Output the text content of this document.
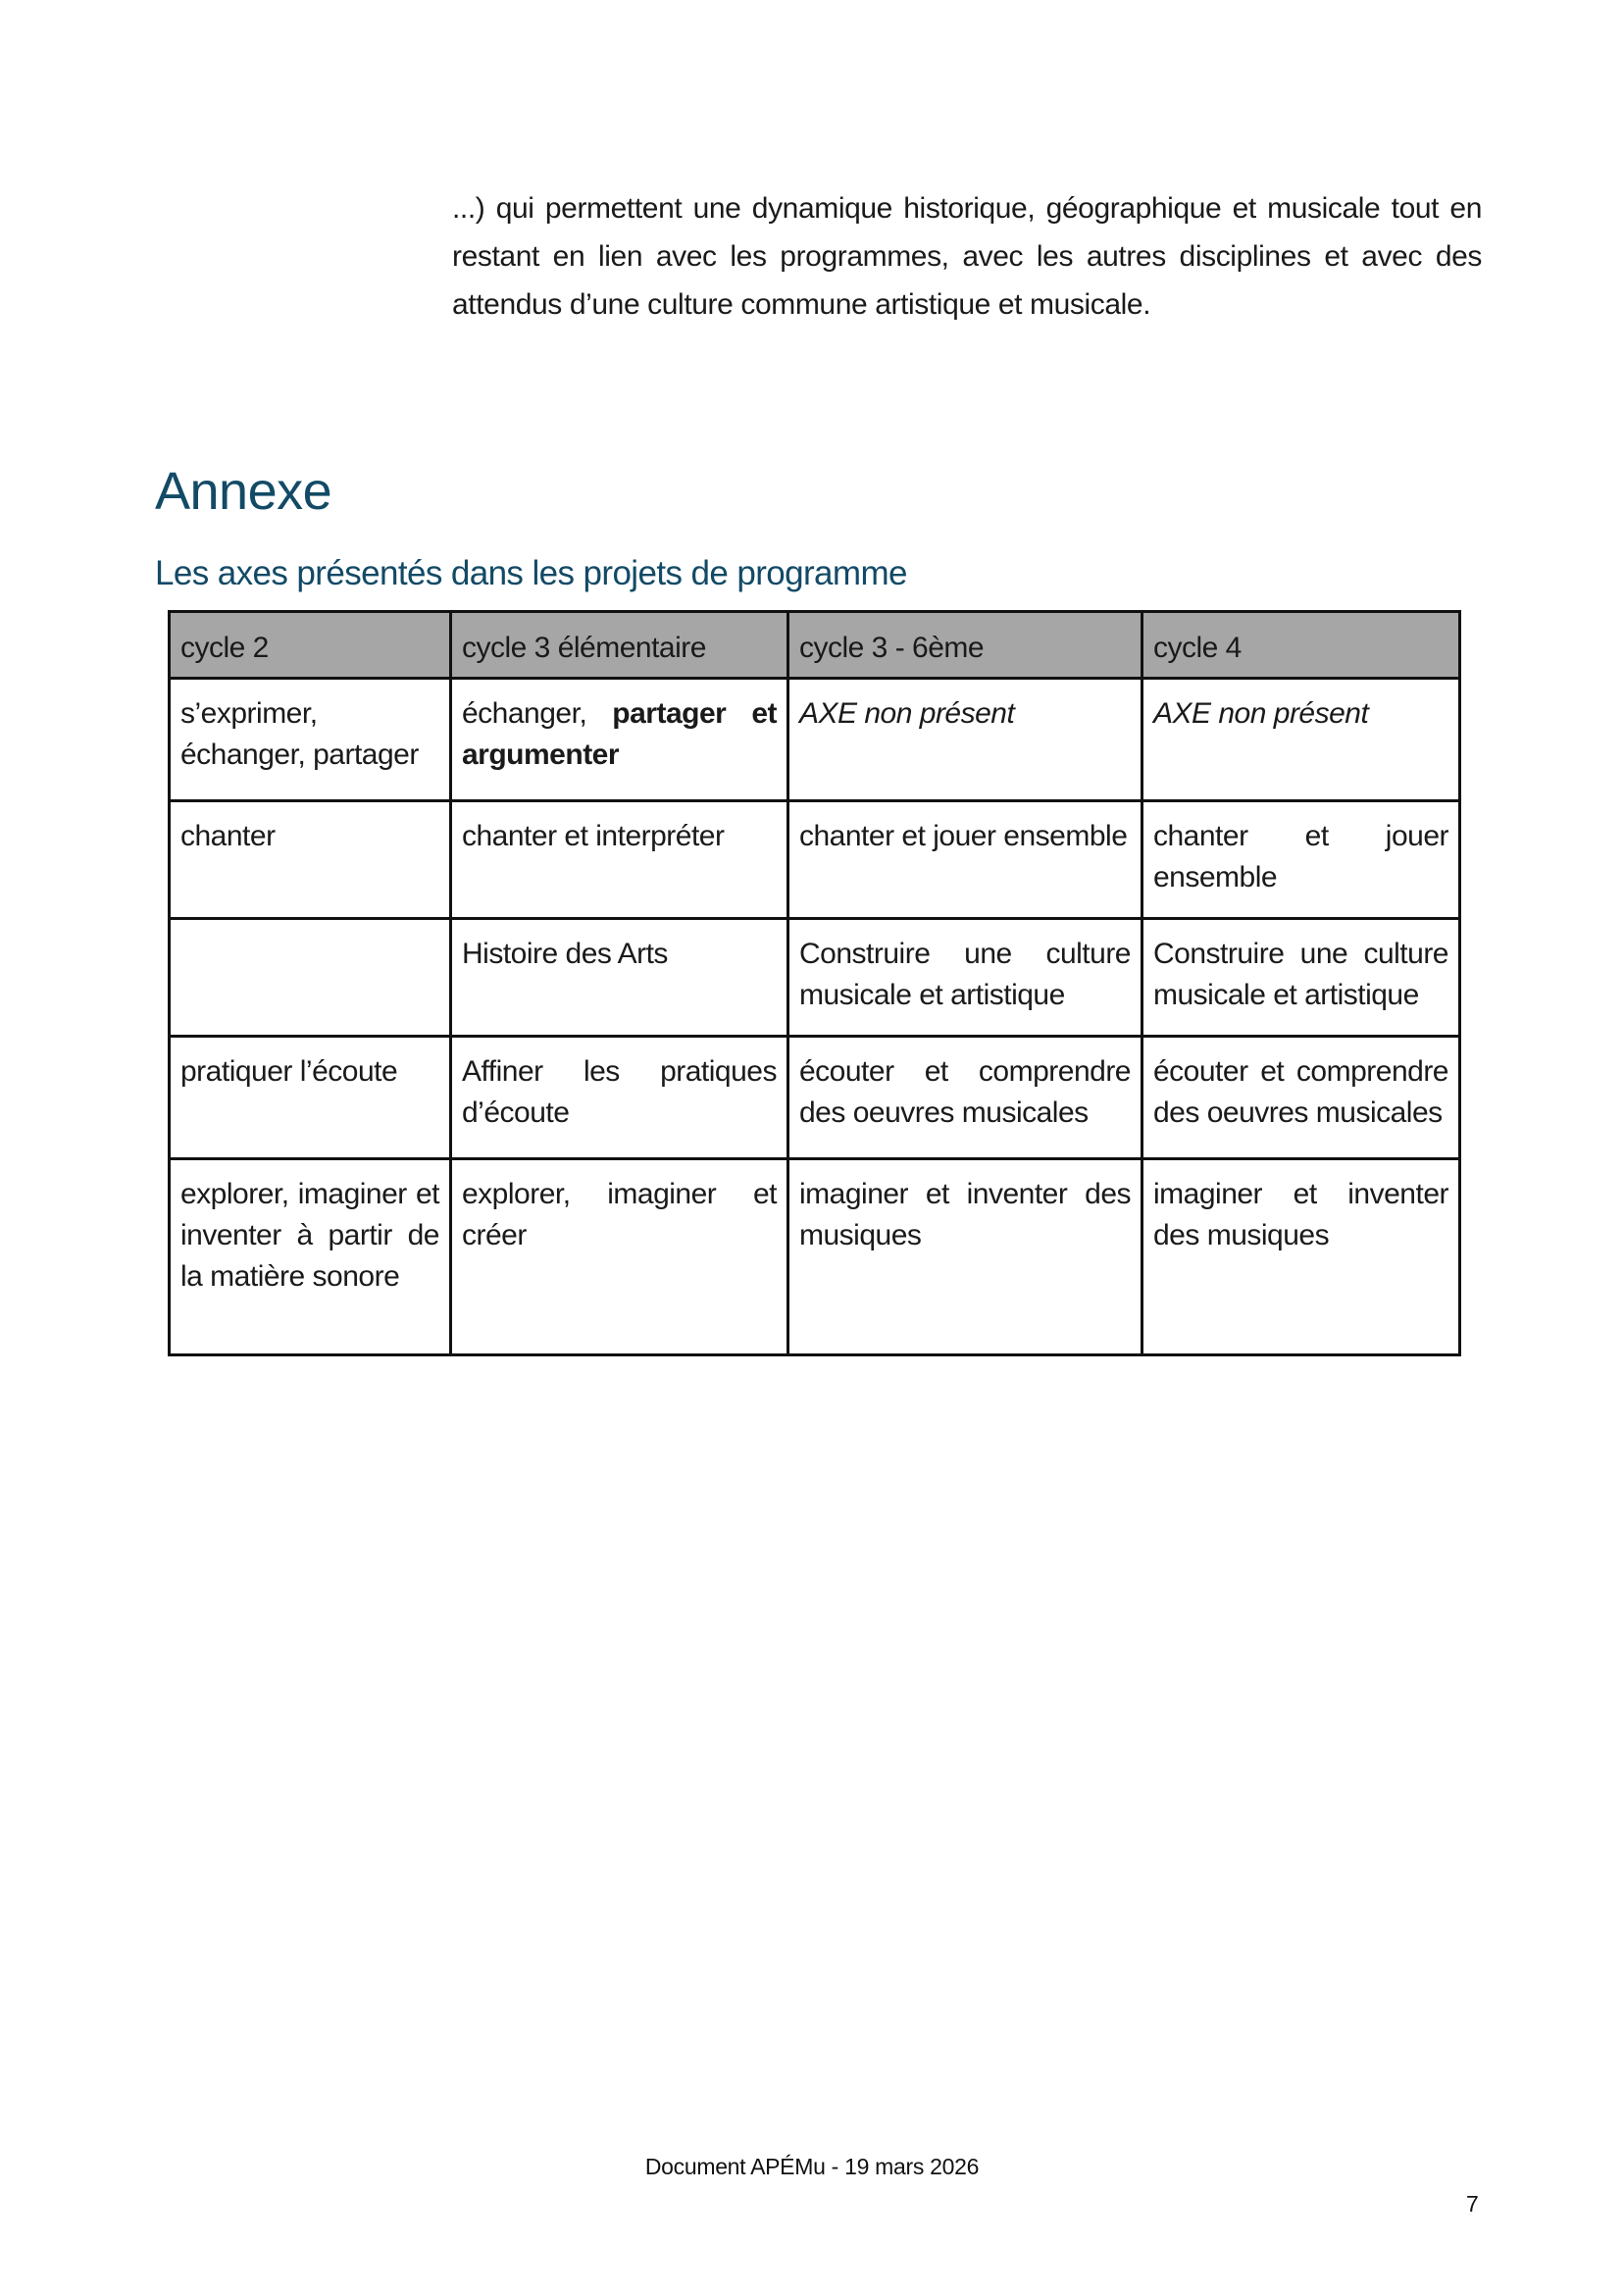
...) qui permettent une dynamique historique, géographique et musicale tout en restant en lien avec les programmes, avec les autres disciplines et avec des attendus d’une culture commune artistique et musicale.

Annexe
Les axes présentés dans les projets de programme
cycle 2	cycle 3 élémentaire	cycle 3 - 6ème	cycle 4
s’exprimer, échanger, partager	échanger, partager et argumenter	AXE non présent	AXE non présent
chanter	chanter et interpréter	chanter et jouer ensemble	chanter et jouer ensemble
	Histoire des Arts	Construire une culture musicale et artistique	Construire une culture musicale et artistique
pratiquer l’écoute	Affiner les pratiques d’écoute	écouter et comprendre des oeuvres musicales	écouter et comprendre des oeuvres musicales
explorer, imaginer et inventer à partir de la matière sonore	explorer, imaginer et créer	imaginer et inventer des musiques	imaginer et inventer des musiques
Document APÉMu - 19 mars 2026
7
